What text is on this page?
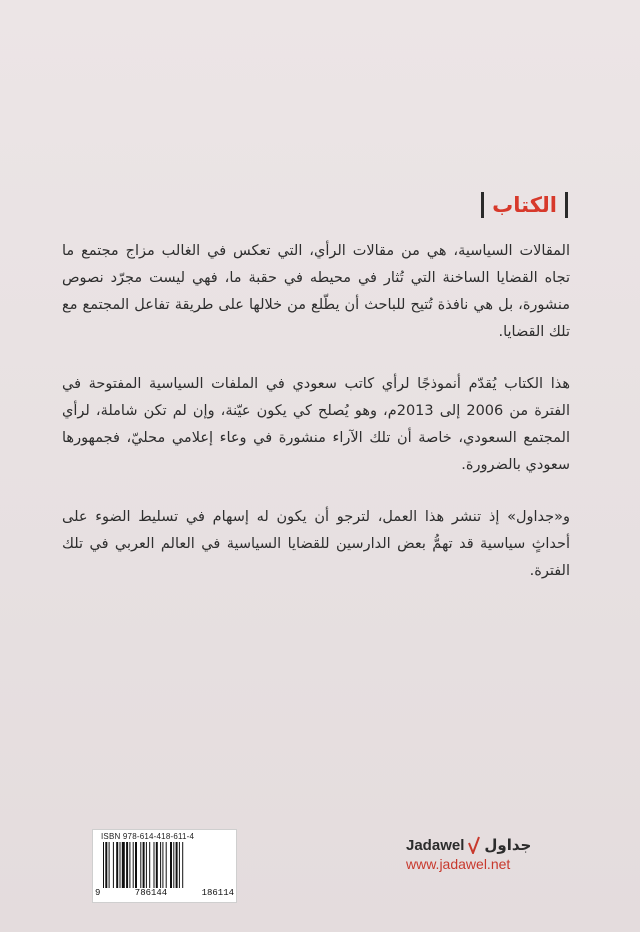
الكتاب

المقالات السياسية، هي من مقالات الرأي، التي تعكس في الغالب مزاج مجتمع ما تجاه القضايا الساخنة التي تُثار في محيطه في حقبة ما، فهي ليست مجرّد نصوص منشورة، بل هي نافذة تُتيح للباحث أن يطّلع من خلالها على طريقة تفاعل المجتمع مع تلك القضايا.

هذا الكتاب يُقدّم أنموذجًا لرأي كاتب سعودي في الملفات السياسية المفتوحة في الفترة من 2006 إلى 2013م، وهو يُصلح كي يكون عيّنة، وإن لم تكن شاملة، لرأي المجتمع السعودي، خاصة أن تلك الآراء منشورة في وعاء إعلامي محليّ، فجمهورها سعودي بالضرورة.

و«جداول» إذ تنشر هذا العمل، لترجو أن يكون له إسهام في تسليط الضوء على أحداثٍ سياسية قد تهمُّ بعض الدارسين للقضايا السياسية في العالم العربي في تلك الفترة.

ISBN 978-614-418-611-4
9	786144	186114
Jadawel جداول
www.jadawel.net
